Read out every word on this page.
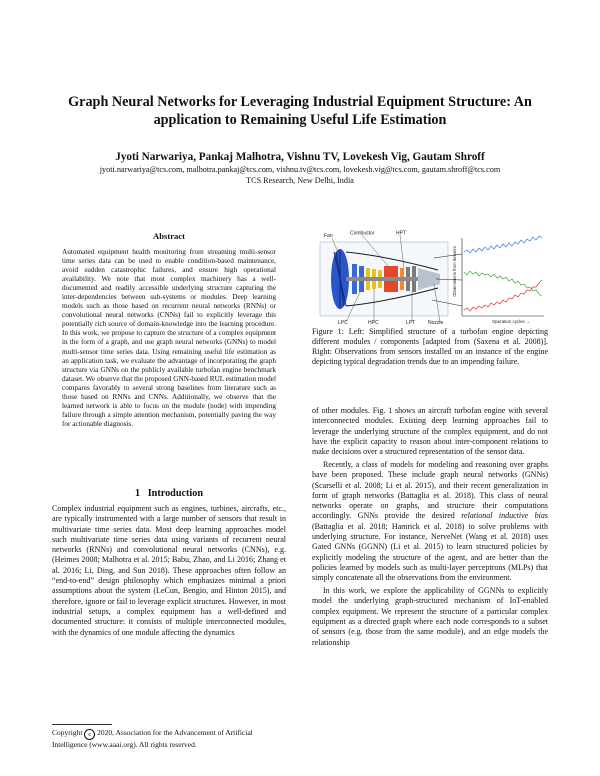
Graph Neural Networks for Leveraging Industrial Equipment Structure: An application to Remaining Useful Life Estimation
Jyoti Narwariya, Pankaj Malhotra, Vishnu TV, Lovekesh Vig, Gautam Shroff
jyoti.narwariya@tcs.com, malhotra.pankaj@tcs.com, vishnu.tv@tcs.com, lovekesh.vig@tcs.com, gautam.shroff@tcs.com
TCS Research, New Delhi, India
Abstract
Automated equipment health monitoring from streaming multi-sensor time series data can be used to enable condition-based maintenance, avoid sudden catastrophic failures, and ensure high operational availability. We note that most complex machinery has a well-documented and readily accessible underlying structure capturing the inter-dependencies between sub-systems or modules. Deep learning models such as those based on recurrent neural networks (RNNs) or convolutional neural networks (CNNs) fail to explicitly leverage this potentially rich source of domain-knowledge into the learning procedure. In this work, we propose to capture the structure of a complex equipment in the form of a graph, and use graph neural networks (GNNs) to model multi-sensor time series data. Using remaining useful life estimation as an application task, we evaluate the advantage of incorporating the graph structure via GNNs on the publicly available turbofan engine benchmark dataset. We observe that the proposed GNN-based RUL estimation model compares favorably to several strong baselines from literature such as those based on RNNs and CNNs. Additionally, we observe that the learned network is able to focus on the module (node) with impending failure through a simple attention mechanism, potentially paving the way for actionable diagnosis.
1 Introduction

Complex industrial equipment such as engines, turbines, aircrafts, etc., are typically instrumented with a large number of sensors that result in multivariate time series data. Most deep learning approaches model such multivariate time series data using variants of recurrent neural networks (RNNs) and convolutional neural networks (CNNs), e.g. (Heimes 2008; Malhotra et al. 2015; Babu, Zhao, and Li 2016; Zhang et al. 2016; Li, Ding, and Sun 2018). These approaches often follow an “end-to-end” design philosophy which emphasizes minimal a priori assumptions about the system (LeCun, Bengio, and Hinton 2015), and therefore, ignore or fail to leverage explicit structures. However, in most industrial setups, a complex equipment has a well-defined and documented structure: it consists of multiple interconnected modules, with the dynamics of one module affecting the dynamics

Copyright c 2020, Association for the Advancement of Artificial Intelligence (www.aaai.org). All rights reserved.
Fan	Combustor	HPT
LPC	HPC	LPT	Nozzle
Observations from Sensors
Operation cycles →
Figure 1: Left: Simplified structure of a turbofan engine depicting different modules / components [adapted from (Saxena et al. 2008)]. Right: Observations from sensors installed on an instance of the engine depicting typical degradation trends due to an impending failure.

of other modules. Fig. 1 shows an aircraft turbofan engine with several interconnected modules. Existing deep learning approaches fail to leverage the underlying structure of the complex equipment, and do not have the explicit capacity to reason about inter-component relations to make decisions over a structured representation of the sensor data.

Recently, a class of models for modeling and reasoning over graphs have been proposed. These include graph neural networks (GNNs) (Scarselli et al. 2008; Li et al. 2015), and their recent generalization in form of graph networks (Battaglia et al. 2018). This class of neural networks operate on graphs, and structure their computations accordingly. GNNs provide the desired relational inductive bias (Battaglia et al. 2018; Hamrick et al. 2018) to solve problems with underlying structure. For instance, NerveNet (Wang et al. 2018) uses Gated GNNs (GGNN) (Li et al. 2015) to learn structured policies by explicitly modeling the structure of the agent, and are better than the policies learned by models such as multi-layer perceptrons (MLPs) that simply concatenate all the observations from the environment.

In this work, we explore the applicability of GGNNs to explicitly model the underlying graph-structured mechanism of IoT-enabled complex equipment. We represent the structure of a particular complex equipment as a directed graph where each node corresponds to a subset of sensors (e.g. those from the same module), and an edge models the relationship
